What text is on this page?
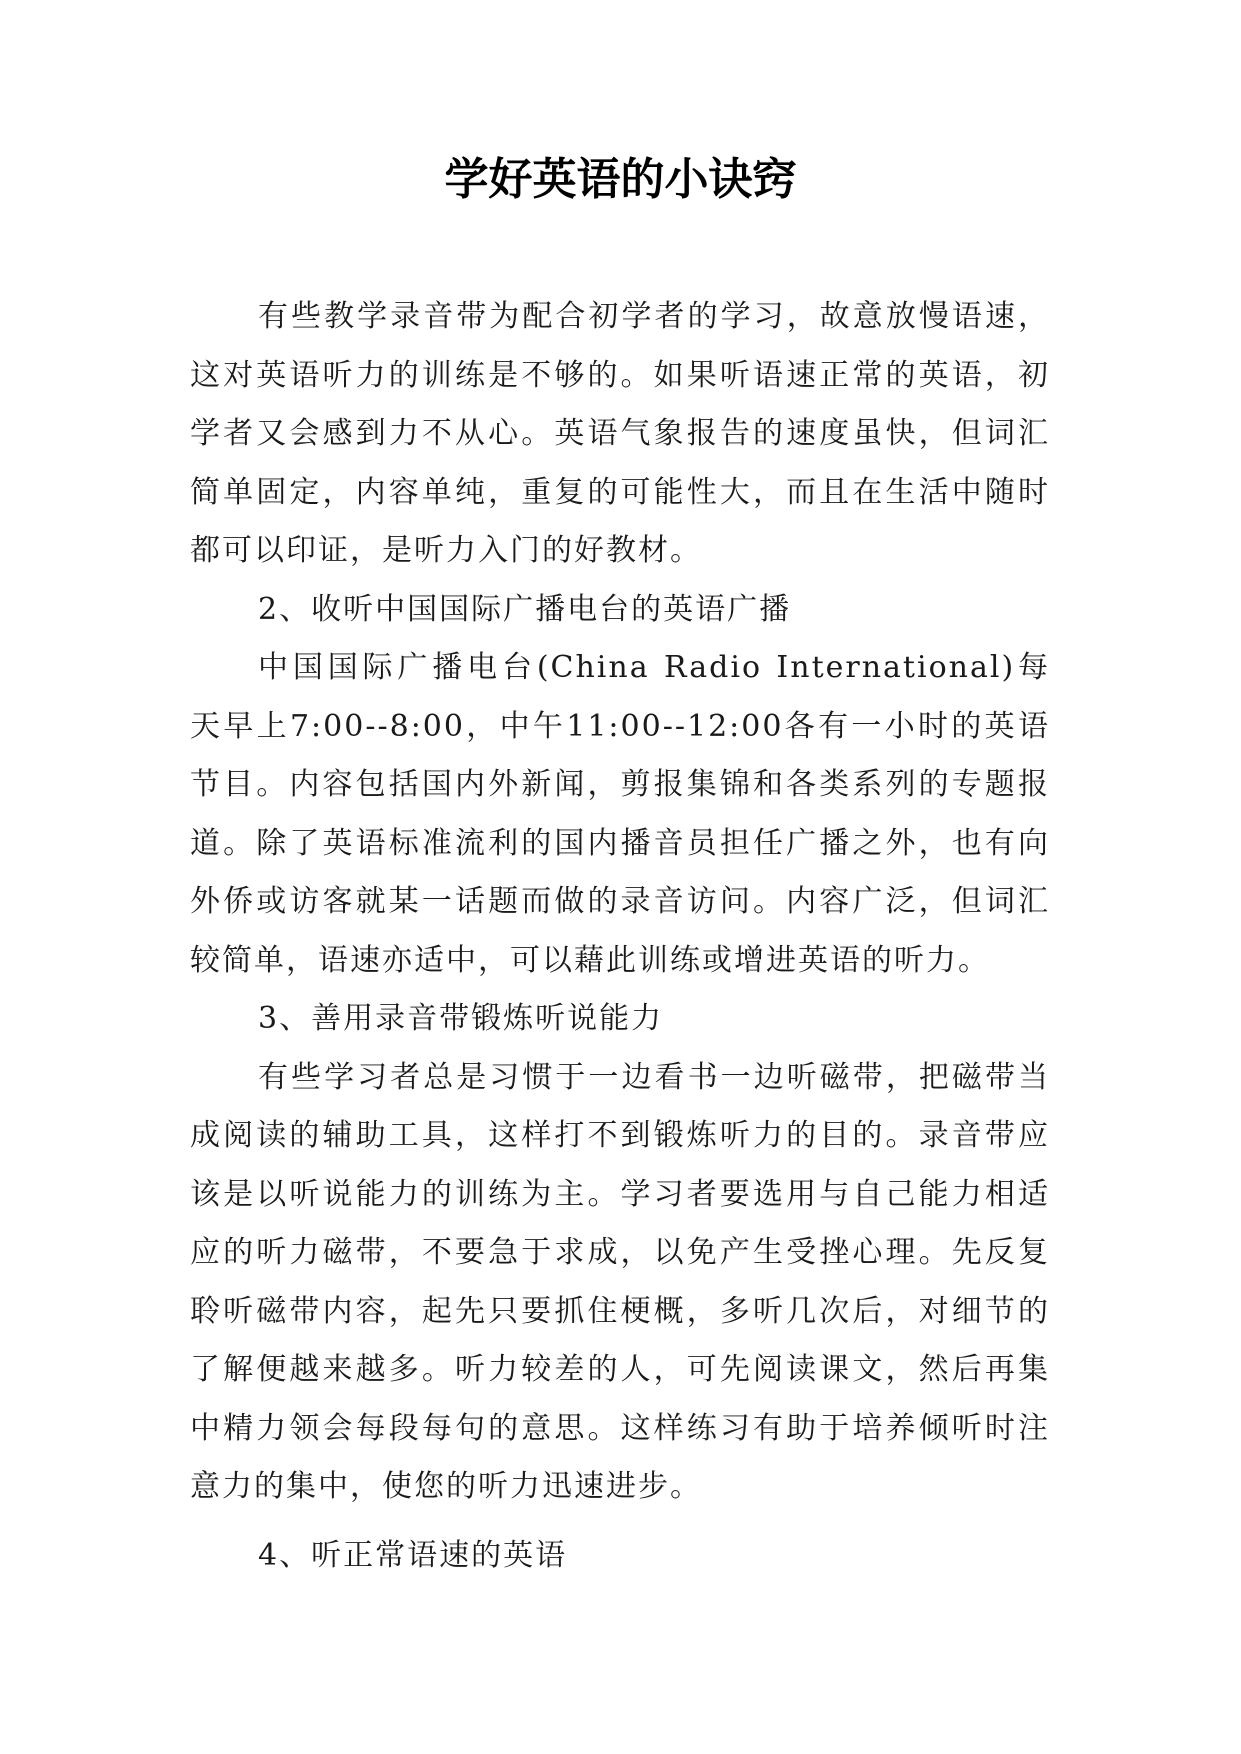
学好英语的小诀窍

有些教学录音带为配合初学者的学习，故意放慢语速，这对英语听力的训练是不够的。如果听语速正常的英语，初学者又会感到力不从心。英语气象报告的速度虽快，但词汇简单固定，内容单纯，重复的可能性大，而且在生活中随时都可以印证，是听力入门的好教材。

2、收听中国国际广播电台的英语广播

中国国际广播电台(China Radio International)每天早上7:00--8:00，中午11:00--12:00各有一小时的英语节目。内容包括国内外新闻，剪报集锦和各类系列的专题报道。除了英语标准流利的国内播音员担任广播之外，也有向外侨或访客就某一话题而做的录音访问。内容广泛，但词汇较简单，语速亦适中，可以藉此训练或增进英语的听力。

3、善用录音带锻炼听说能力

有些学习者总是习惯于一边看书一边听磁带，把磁带当成阅读的辅助工具，这样打不到锻炼听力的目的。录音带应该是以听说能力的训练为主。学习者要选用与自己能力相适应的听力磁带，不要急于求成，以免产生受挫心理。先反复聆听磁带内容，起先只要抓住梗概，多听几次后，对细节的了解便越来越多。听力较差的人，可先阅读课文，然后再集中精力领会每段每句的意思。这样练习有助于培养倾听时注意力的集中，使您的听力迅速进步。

4、听正常语速的英语
